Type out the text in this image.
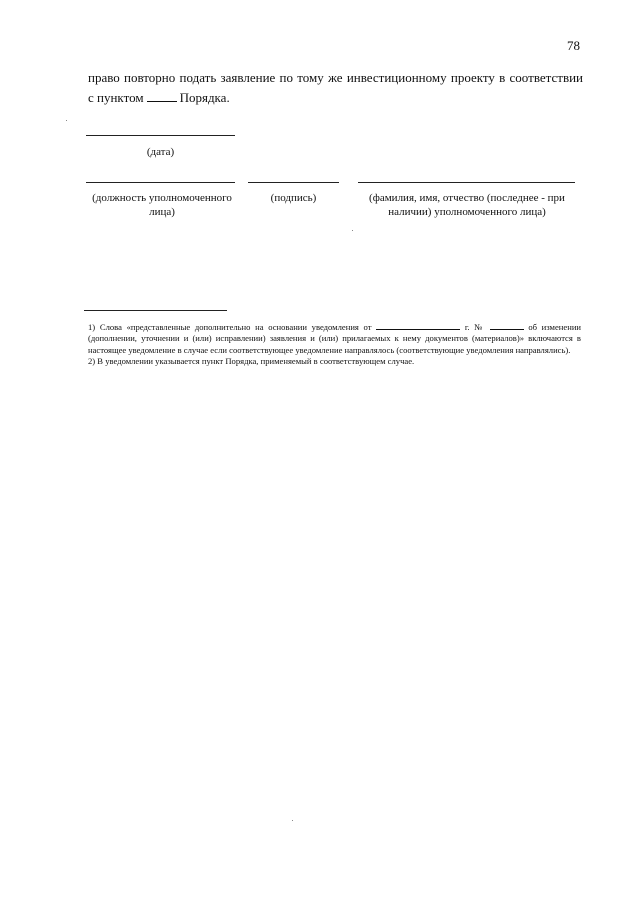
78
право повторно подать заявление по тому же инвестиционному проекту в соответствии
с пунктом	Порядка.
(дата)
(должность уполномоченного
лица)
(подпись)	(фамилия, имя, отчество (последнее - при
наличии) уполномоченного лица)

1) Слова «представленные дополнительно на основании уведомления от	г. №	об изменении (дополнении, уточнении и (или) исправлении) заявления и (или) прилагаемых к нему документов (материалов)» включаются в настоящее уведомление в случае если соответствующее уведомление направлялось (соответствующие уведомления направлялись).

2) В уведомлении указывается пункт Порядка, применяемый в соответствующем случае.
